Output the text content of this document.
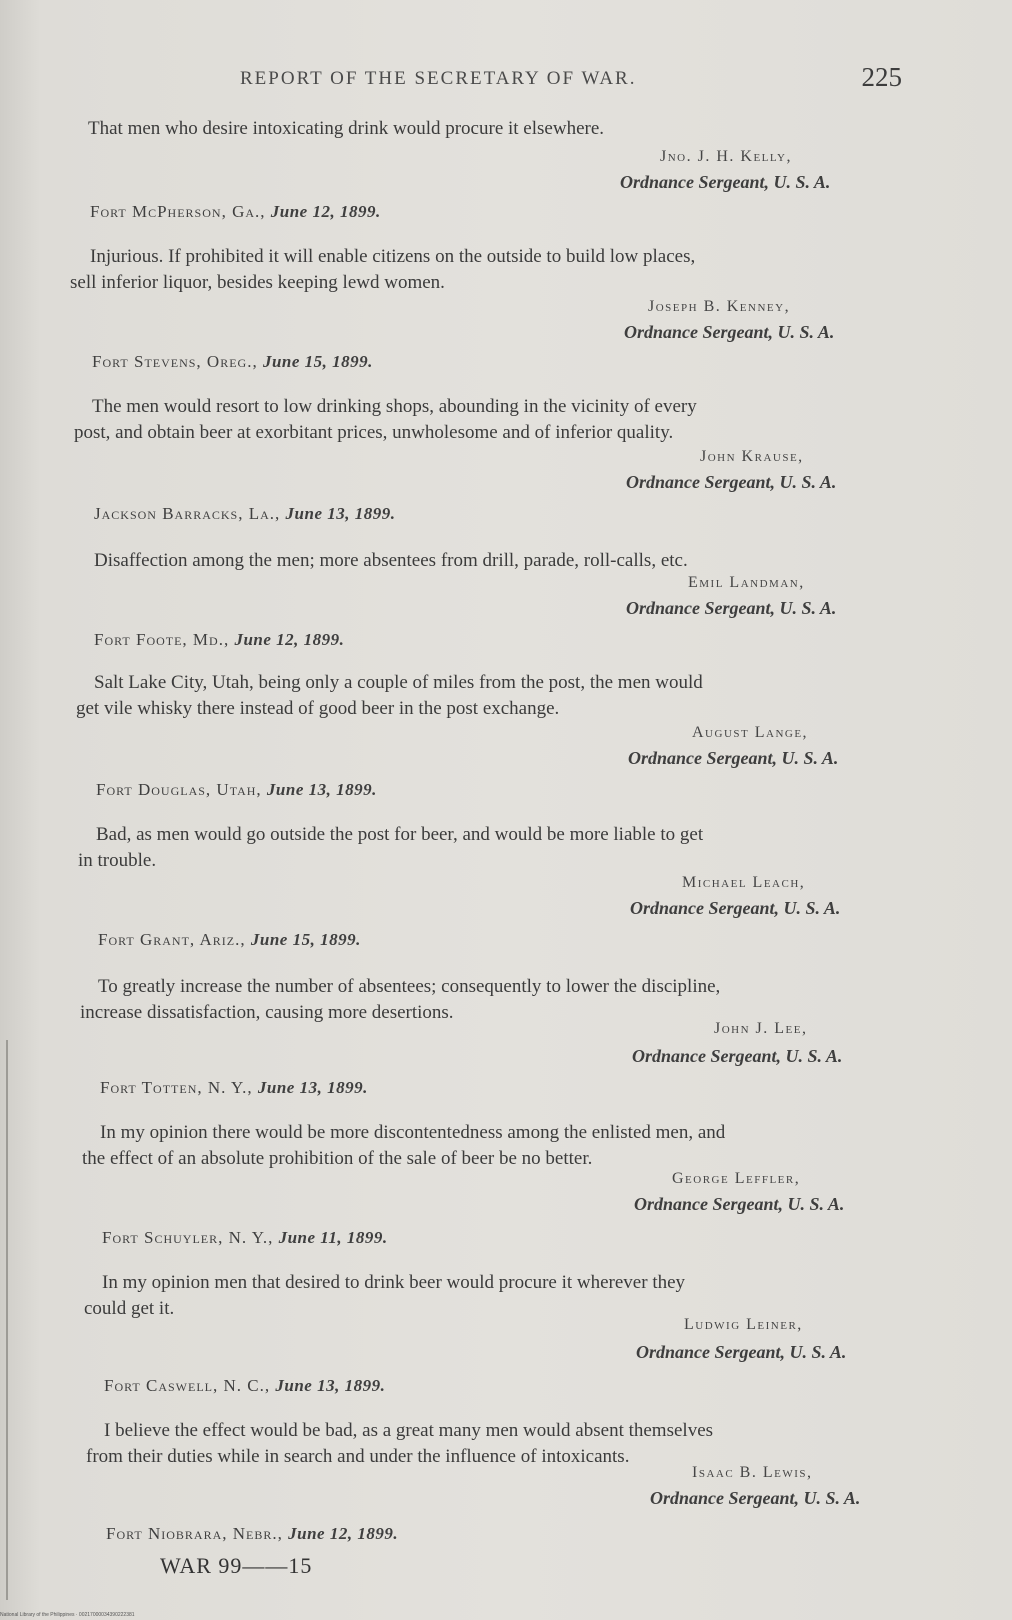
REPORT OF THE SECRETARY OF WAR.	225
That men who desire intoxicating drink would procure it elsewhere.
Jno. J. H. Kelly,
Ordnance Sergeant, U. S. A.
Fort McPherson, Ga., June 12, 1899.
Injurious. If prohibited it will enable citizens on the outside to build low places,
sell inferior liquor, besides keeping lewd women.
Joseph B. Kenney,
Ordnance Sergeant, U. S. A.
Fort Stevens, Oreg., June 15, 1899.
The men would resort to low drinking shops, abounding in the vicinity of every
post, and obtain beer at exorbitant prices, unwholesome and of inferior quality.
John Krause,
Ordnance Sergeant, U. S. A.
Jackson Barracks, La., June 13, 1899.
Disaffection among the men; more absentees from drill, parade, roll-calls, etc.
Emil Landman,
Ordnance Sergeant, U. S. A.
Fort Foote, Md., June 12, 1899.
Salt Lake City, Utah, being only a couple of miles from the post, the men would
get vile whisky there instead of good beer in the post exchange.
August Lange,
Ordnance Sergeant, U. S. A.
Fort Douglas, Utah, June 13, 1899.
Bad, as men would go outside the post for beer, and would be more liable to get
in trouble.
Michael Leach,
Ordnance Sergeant, U. S. A.
Fort Grant, Ariz., June 15, 1899.
To greatly increase the number of absentees; consequently to lower the discipline,
increase dissatisfaction, causing more desertions.
John J. Lee,
Ordnance Sergeant, U. S. A.
Fort Totten, N. Y., June 13, 1899.
In my opinion there would be more discontentedness among the enlisted men, and
the effect of an absolute prohibition of the sale of beer be no better.
George Leffler,
Ordnance Sergeant, U. S. A.
Fort Schuyler, N. Y., June 11, 1899.
In my opinion men that desired to drink beer would procure it wherever they
could get it.
Ludwig Leiner,
Ordnance Sergeant, U. S. A.
Fort Caswell, N. C., June 13, 1899.
I believe the effect would be bad, as a great many men would absent themselves
from their duties while in search and under the influence of intoxicants.
Isaac B. Lewis,
Ordnance Sergeant, U. S. A.
Fort Niobrara, Nebr., June 12, 1899.
WAR 99——15
National Library of the Philippines · 00217000034390222381
